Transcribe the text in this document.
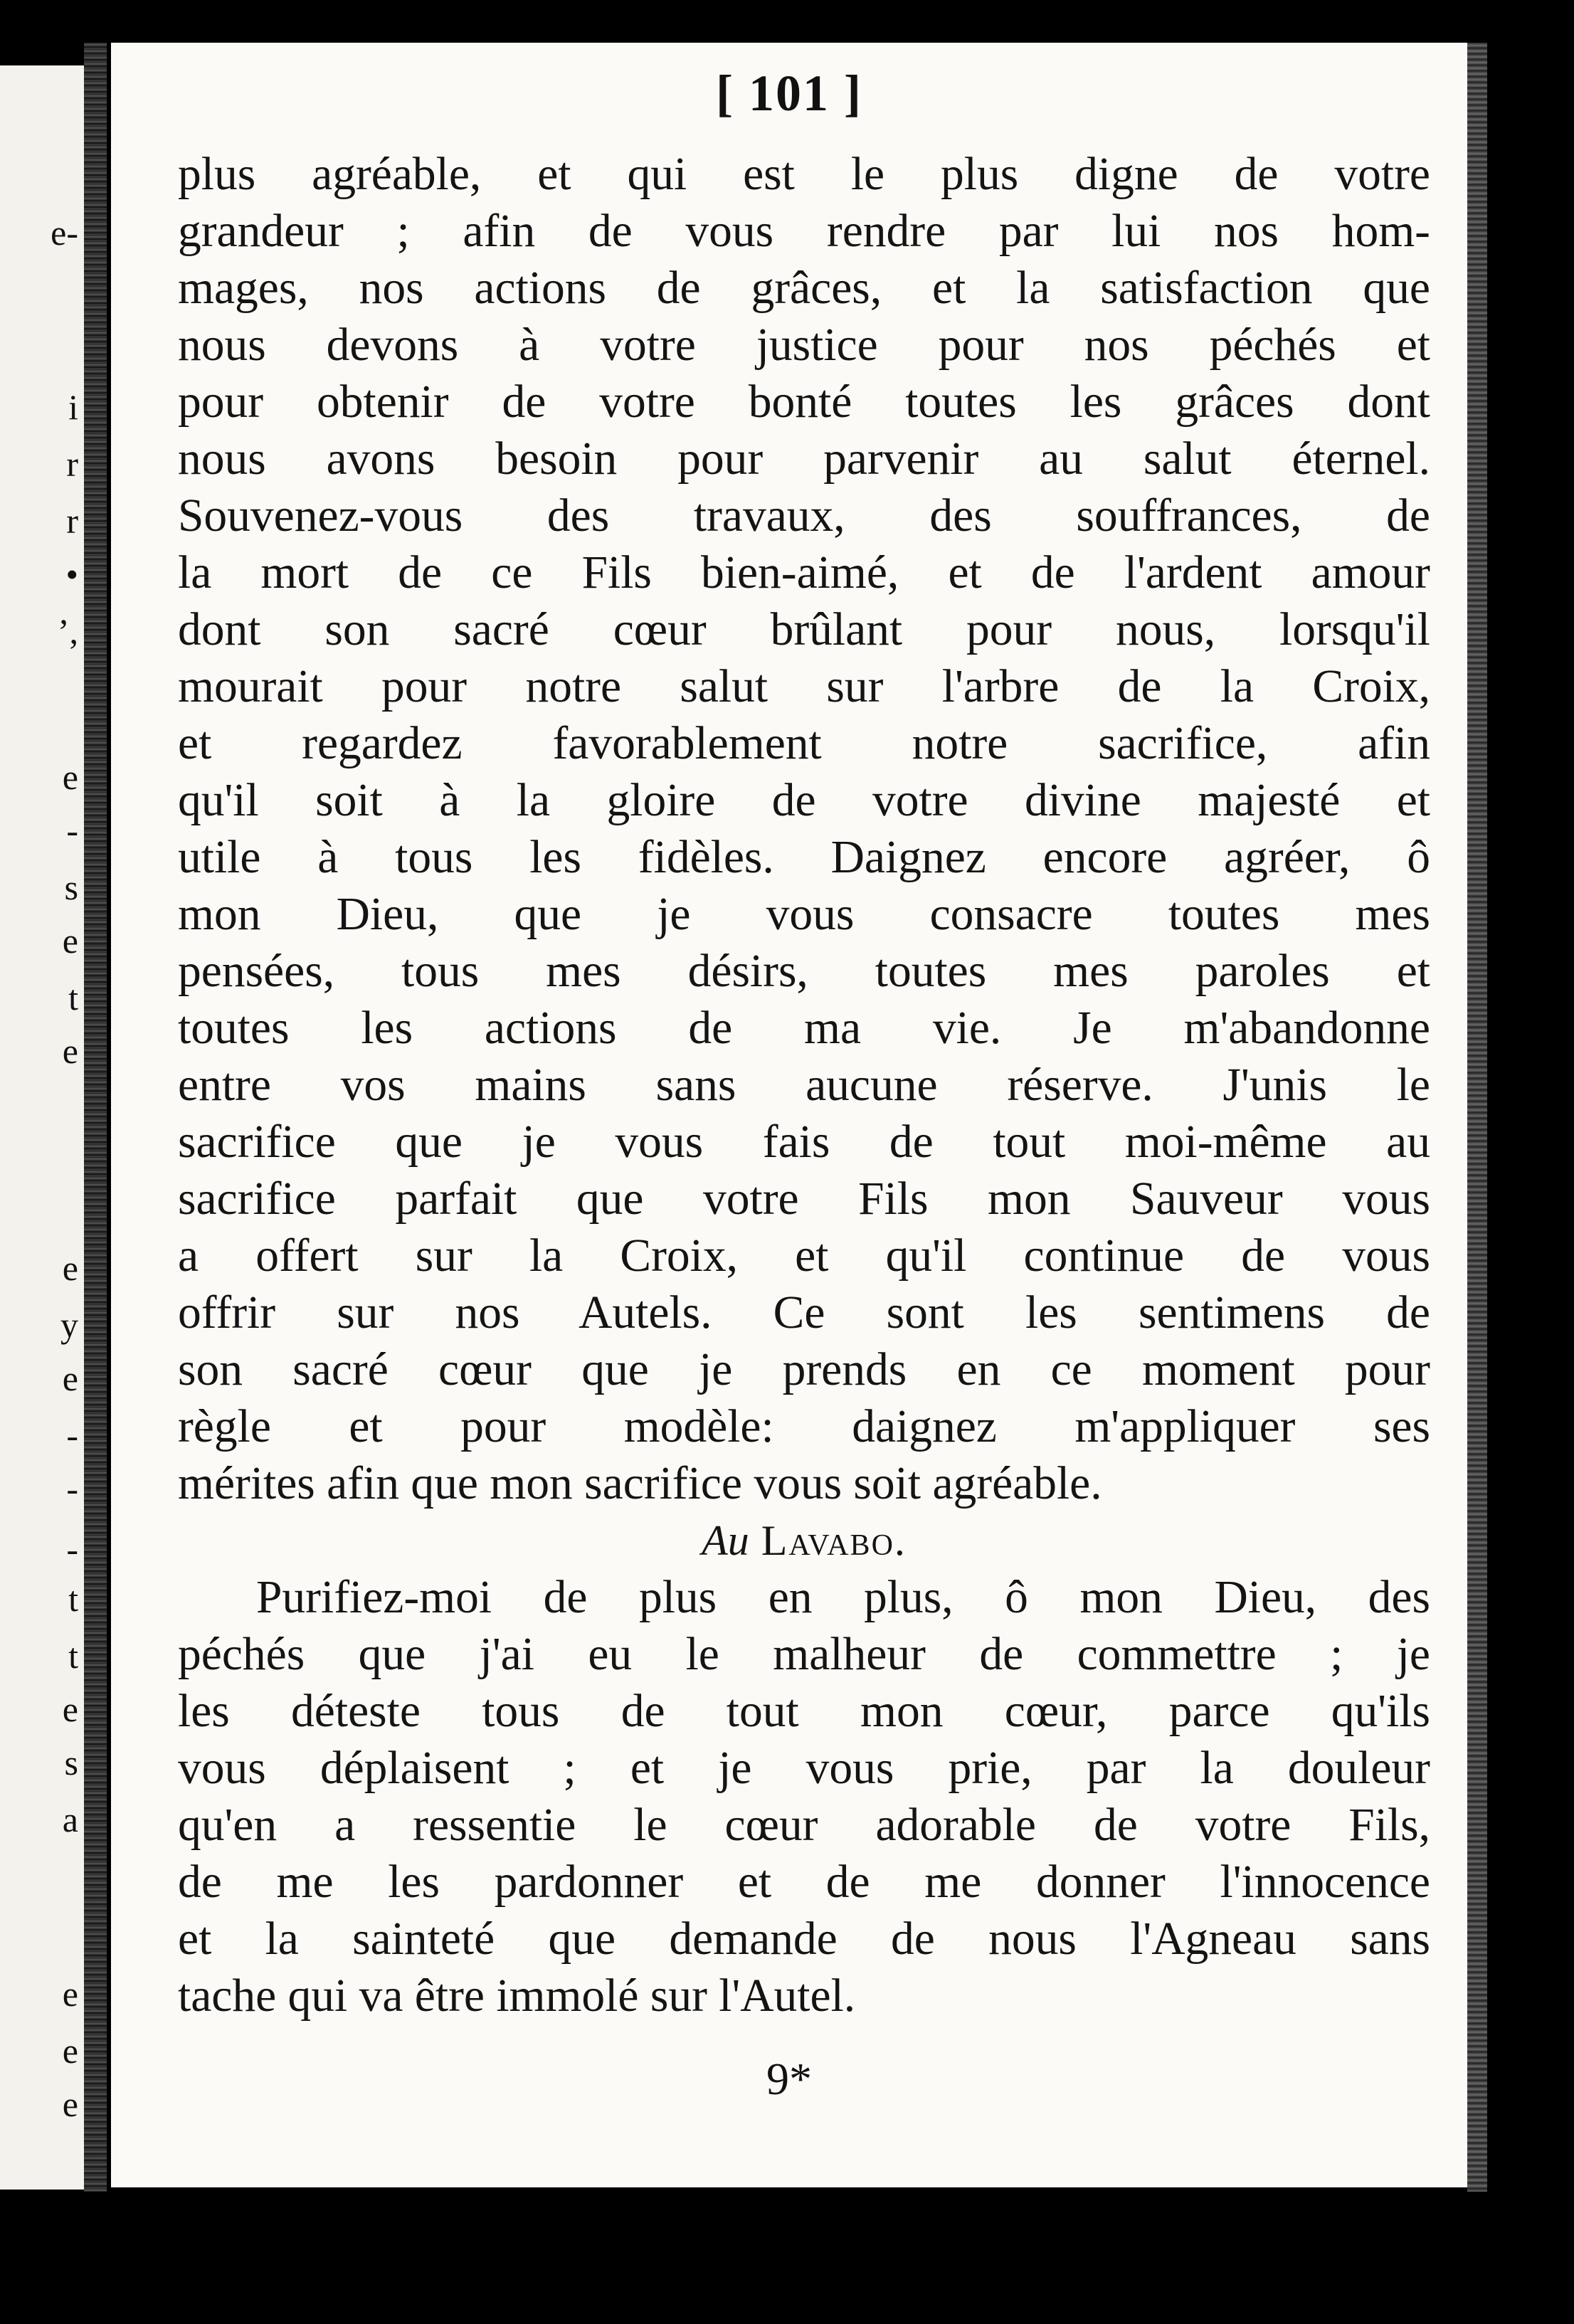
e-
i
r
r
•
’,
e
-
s
e
t
e
e
y
e
-
-
-
t
t
e
s
a
e
e
e
[ 101 ]
plus agréable, et qui est le plus digne de votre
grandeur ; afin de vous rendre par lui nos hom-
mages, nos actions de grâces, et la satisfaction que
nous devons à votre justice pour nos péchés et
pour obtenir de votre bonté toutes les grâces dont
nous avons besoin pour parvenir au salut éternel.
Souvenez-vous des travaux, des souffrances, de
la mort de ce Fils bien-aimé, et de l'ardent amour
dont son sacré cœur brûlant pour nous, lorsqu'il
mourait pour notre salut sur l'arbre de la Croix,
et regardez favorablement notre sacrifice, afin
qu'il soit à la gloire de votre divine majesté et
utile à tous les fidèles. Daignez encore agréer, ô
mon Dieu, que je vous consacre toutes mes
pensées, tous mes désirs, toutes mes paroles et
toutes les actions de ma vie. Je m'abandonne
entre vos mains sans aucune réserve. J'unis le
sacrifice que je vous fais de tout moi-même au
sacrifice parfait que votre Fils mon Sauveur vous
a offert sur la Croix, et qu'il continue de vous
offrir sur nos Autels. Ce sont les sentimens de
son sacré cœur que je prends en ce moment pour
règle et pour modèle: daignez m'appliquer ses
mérites afin que mon sacrifice vous soit agréable.
Au Lavabo.
Purifiez-moi de plus en plus, ô mon Dieu, des
péchés que j'ai eu le malheur de commettre ; je
les déteste tous de tout mon cœur, parce qu'ils
vous déplaisent ; et je vous prie, par la douleur
qu'en a ressentie le cœur adorable de votre Fils,
de me les pardonner et de me donner l'innocence
et la sainteté que demande de nous l'Agneau sans
tache qui va être immolé sur l'Autel.
9*
